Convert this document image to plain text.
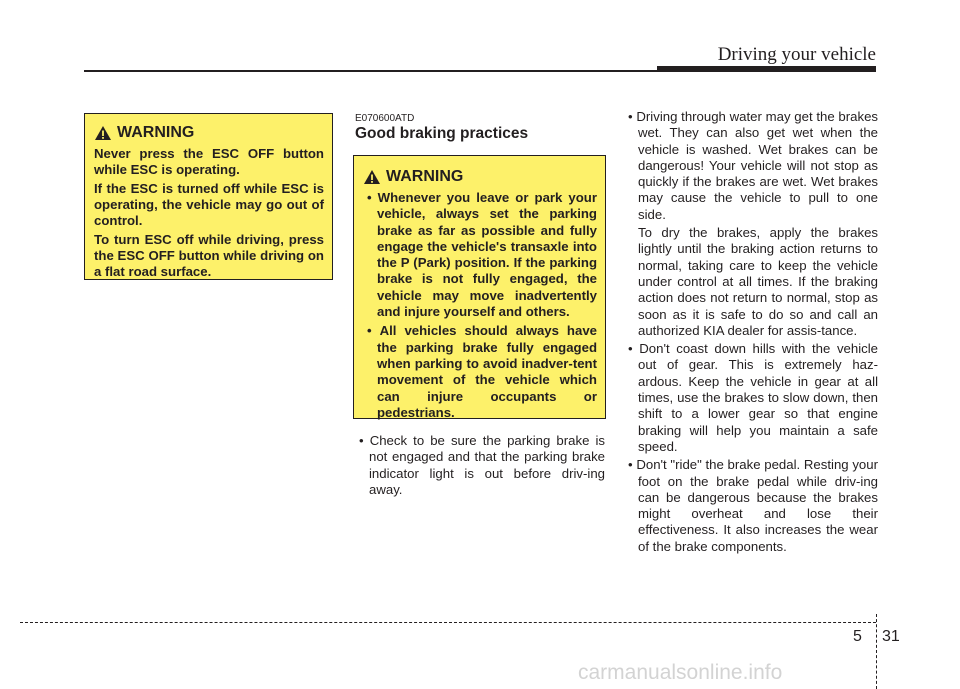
Driving your vehicle
WARNING

Never press the ESC OFF button while ESC is operating.

If the ESC is turned off while ESC is operating, the vehicle may go out of control.

To turn ESC off while driving, press the ESC OFF button while driving on a flat road surface.

E070600ATD
Good braking practices
WARNING
• Whenever you leave or park your vehicle, always set the parking brake as far as possible and fully engage the vehicle's transaxle into the P (Park) position. If the parking brake is not fully engaged, the vehicle may move inadvertently and injure yourself and others.
• All vehicles should always have the parking brake fully engaged when parking to avoid inadver-tent movement of the vehicle which can injure occupants or pedestrians.
• Check to be sure the parking brake is not engaged and that the parking brake indicator light is out before driv-ing away.
• Driving through water may get the brakes wet. They can also get wet when the vehicle is washed. Wet brakes can be dangerous! Your vehicle will not stop as quickly if the brakes are wet. Wet brakes may cause the vehicle to pull to one side.

To dry the brakes, apply the brakes lightly until the braking action returns to normal, taking care to keep the vehicle under control at all times. If the braking action does not return to normal, stop as soon as it is safe to do so and call an authorized KIA dealer for assis-tance.

• Don't coast down hills with the vehicle out of gear. This is extremely haz-ardous. Keep the vehicle in gear at all times, use the brakes to slow down, then shift to a lower gear so that engine braking will help you maintain a safe speed.
• Don't "ride" the brake pedal. Resting your foot on the brake pedal while driv-ing can be dangerous because the brakes might overheat and lose their effectiveness. It also increases the wear of the brake components.
5 31
carmanualsonline.info
